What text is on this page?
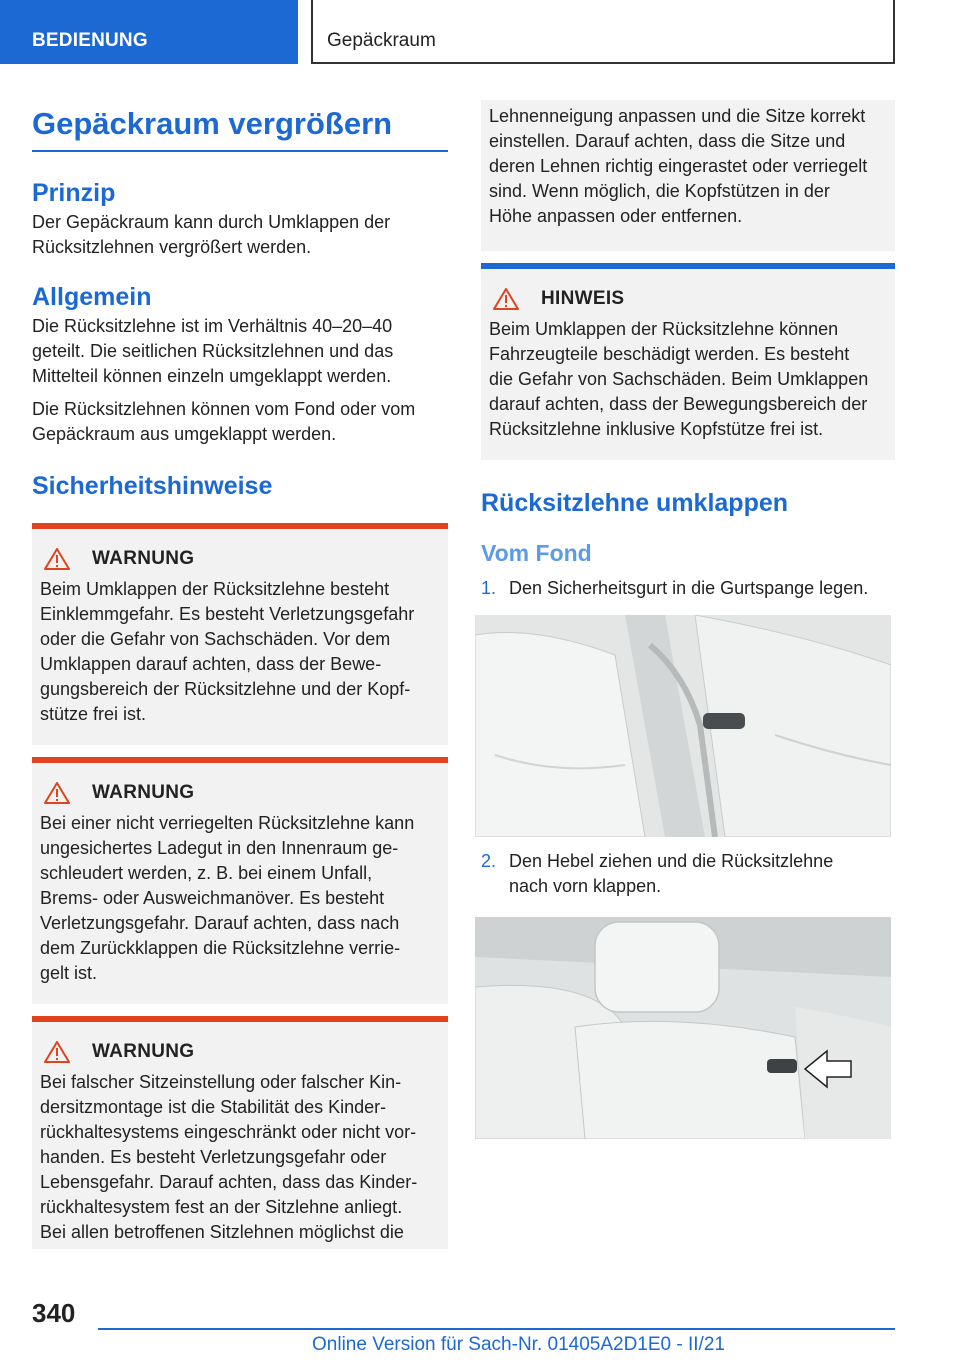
BEDIENUNG	Gepäckraum
Gepäckraum vergrößern
Prinzip

Der Gepäckraum kann durch Umklappen der
Rücksitzlehnen vergrößert werden.

Allgemein

Die Rücksitzlehne ist im Verhältnis 40–20–40
geteilt. Die seitlichen Rücksitzlehnen und das
Mittelteil können einzeln umgeklappt werden.

Die Rücksitzlehnen können vom Fond oder vom
Gepäckraum aus umgeklappt werden.

Sicherheitshinweise
WARNUNG

Beim Umklappen der Rücksitzlehne besteht
Einklemmgefahr. Es besteht Verletzungsgefahr
oder die Gefahr von Sachschäden. Vor dem
Umklappen darauf achten, dass der Bewe-
gungsbereich der Rücksitzlehne und der Kopf-
stütze frei ist.

WARNUNG

Bei einer nicht verriegelten Rücksitzlehne kann
ungesichertes Ladegut in den Innenraum ge-
schleudert werden, z. B. bei einem Unfall,
Brems- oder Ausweichmanöver. Es besteht
Verletzungsgefahr. Darauf achten, dass nach
dem Zurückklappen die Rücksitzlehne verrie-
gelt ist.

WARNUNG

Bei falscher Sitzeinstellung oder falscher Kin-
dersitzmontage ist die Stabilität des Kinder-
rückhaltesystems eingeschränkt oder nicht vor-
handen. Es besteht Verletzungsgefahr oder
Lebensgefahr. Darauf achten, dass das Kinder-
rückhaltesystem fest an der Sitzlehne anliegt.
Bei allen betroffenen Sitzlehnen möglichst die

Lehnenneigung anpassen und die Sitze korrekt
einstellen. Darauf achten, dass die Sitze und
deren Lehnen richtig eingerastet oder verriegelt
sind. Wenn möglich, die Kopfstützen in der
Höhe anpassen oder entfernen.

HINWEIS

Beim Umklappen der Rücksitzlehne können
Fahrzeugteile beschädigt werden. Es besteht
die Gefahr von Sachschäden. Beim Umklappen
darauf achten, dass der Bewegungsbereich der
Rücksitzlehne inklusive Kopfstütze frei ist.

Rücksitzlehne umklappen
Vom Fond
1. Den Sicherheitsgurt in die Gurtspange legen.
2. Den Hebel ziehen und die Rücksitzlehne
nach vorn klappen.
340
Online Version für Sach-Nr. 01405A2D1E0 - II/21
